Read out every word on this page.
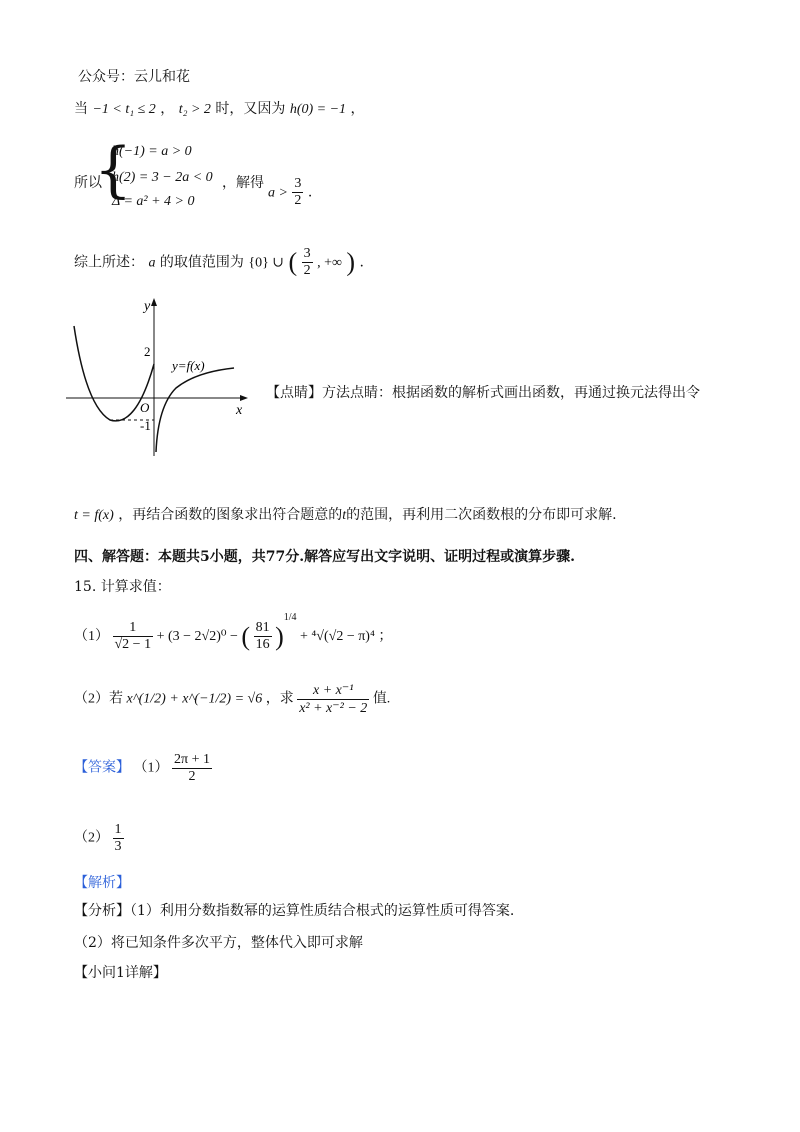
公众号：云儿和花
当 −1 < t₁ ≤ 2 ， t₂ > 2 时，又因为 h(0) = −1 ，
所以
{
h(−1) = a > 0
h(2) = 3 − 2a < 0
Δ = a² + 4 > 0
，解得
$a > \frac{3}{2}$ .
综上所述： a 的取值范围为 {0} ∪ ( $\frac{3}{2}$ , +∞ ) .
y
x
O
2
-1
y=f(x)
【点睛】方法点睛：根据函数的解析式画出函数，再通过换元法得出令
t = f(x) ，再结合函数的图象求出符合题意的t的范围，再利用二次函数根的分布即可求解.
四、解答题：本题共5小题，共77分.解答应写出文字说明、证明过程或演算步骤.
15. 计算求值：
$(1) \frac{1}{√2 - 1} + (3 - 2√2)^0$ − ( $\frac{81}{16} )^{1/4} + ^4√(√2 - \pi)^4$ ；
（2）若 x^(1/2) + x^(−1/2) = √6 ，求 $\frac{\text{x + x⁻¹}}{\text{x² + x⁻² − 2}}$ 值.
【答案】 $(1) \frac{2\pi + 1}{2}$
$(2) \frac{1}{3}$
【解析】
【分析】（1）利用分数指数幂的运算性质结合根式的运算性质可得答案.
（2）将已知条件多次平方，整体代入即可求解
【小问1详解】
